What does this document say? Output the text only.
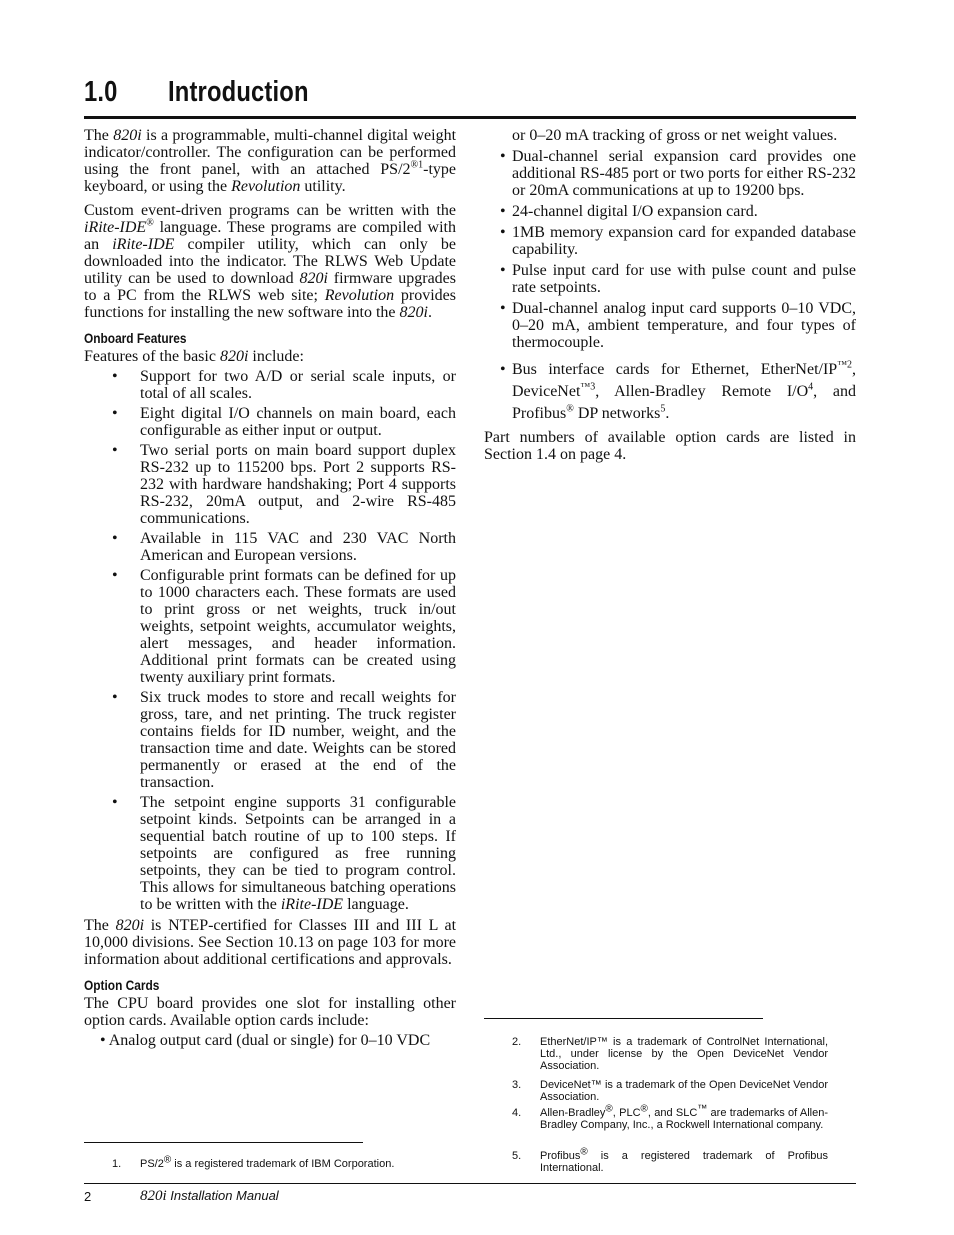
1.0 Introduction

The 820i is a programmable, multi-channel digital weight indicator/controller. The configuration can be performed using the front panel, with an attached $PS/2^{®1}$-type keyboard, or using the Revolution utility.

Custom event-driven programs can be written with the iRite-IDE® language. These programs are compiled with an iRite-IDE compiler utility, which can only be downloaded into the indicator. The RLWS Web Update utility can be used to download 820i firmware upgrades to a PC from the RLWS web site; Revolution provides functions for installing the new software into the 820i.

Onboard Features

Features of the basic 820i include:

• Support for two A/D or serial scale inputs, or total of all scales.
• Eight digital I/O channels on main board, each configurable as either input or output.
• Two serial ports on main board support duplex RS-232 up to 115200 bps. Port 2 supports RS-232 with hardware handshaking; Port 4 supports RS-232, 20mA output, and 2-wire RS-485 communications.
• Available in 115 VAC and 230 VAC North American and European versions.
• Configurable print formats can be defined for up to 1000 characters each. These formats are used to print gross or net weights, truck in/out weights, setpoint weights, accumulator weights, alert messages, and header information. Additional print formats can be created using twenty auxiliary print formats.
• Six truck modes to store and recall weights for gross, tare, and net printing. The truck register contains fields for ID number, weight, and the transaction time and date. Weights can be stored permanently or erased at the end of the transaction.
• The setpoint engine supports 31 configurable setpoint kinds. Setpoints can be arranged in a sequential batch routine of up to 100 steps. If setpoints are configured as free running setpoints, they can be tied to program control. This allows for simultaneous batching operations to be written with the iRite-IDE language.

The 820i is NTEP-certified for Classes III and III L at 10,000 divisions. See Section 10.13 on page 103 for more information about additional certifications and approvals.

Option Cards

The CPU board provides one slot for installing other option cards. Available option cards include:

• Analog output card (dual or single) for 0–10 VDC

1. PS/2® is a registered trademark of IBM Corporation.

or 0–20 mA tracking of gross or net weight values.

• Dual-channel serial expansion card provides one additional RS-485 port or two ports for either RS-232 or 20mA communications at up to 19200 bps.
• 24-channel digital I/O expansion card.
• 1MB memory expansion card for expanded database capability.
• Pulse input card for use with pulse count and pulse rate setpoints.
• Dual-channel analog input card supports 0–10 VDC, 0–20 mA, ambient temperature, and four types of thermocouple.
• Bus interface cards for Ethernet, EtherNet/$IP^{™2}$, DeviceNet$^{™3}$, Allen-Bradley Remote $I/O^4$, and Profibus® DP networks$^5$.

Part numbers of available option cards are listed in Section 1.4 on page 4.

2. EtherNet/IP™ is a trademark of ControlNet International, Ltd., under license by the Open DeviceNet Vendor Association.
3. DeviceNet™ is a trademark of the Open DeviceNet Vendor Association.
4. Allen-Bradley®, PLC®, and SLC™ are trademarks of Allen-Bradley Company, Inc., a Rockwell International company.
5. Profibus® is a registered trademark of Profibus International.
2	820i Installation Manual
